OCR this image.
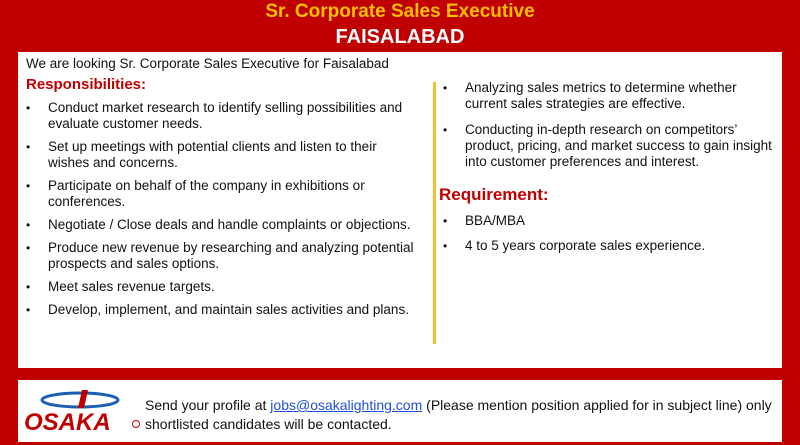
Sr. Corporate Sales Executive
FAISALABAD
We are looking Sr. Corporate Sales Executive for Faisalabad
Responsibilities:
• Conduct market research to identify selling possibilities and evaluate customer needs.
• Set up meetings with potential clients and listen to their wishes and concerns.
• Participate on behalf of the company in exhibitions or conferences.
• Negotiate / Close deals and handle complaints or objections.
• Produce new revenue by researching and analyzing potential prospects and sales options.
• Meet sales revenue targets.
• Develop, implement, and maintain sales activities and plans.
• Analyzing sales metrics to determine whether current sales strategies are effective.
• Conducting in-depth research on competitors’ product, pricing, and market success to gain insight into customer preferences and interest.
Requirement:
• BBA/MBA
• 4 to 5 years corporate sales experience.
OSAKA
Send your profile at jobs@osakalighting.com (Please mention position applied for in subject line) only shortlisted candidates will be contacted.
